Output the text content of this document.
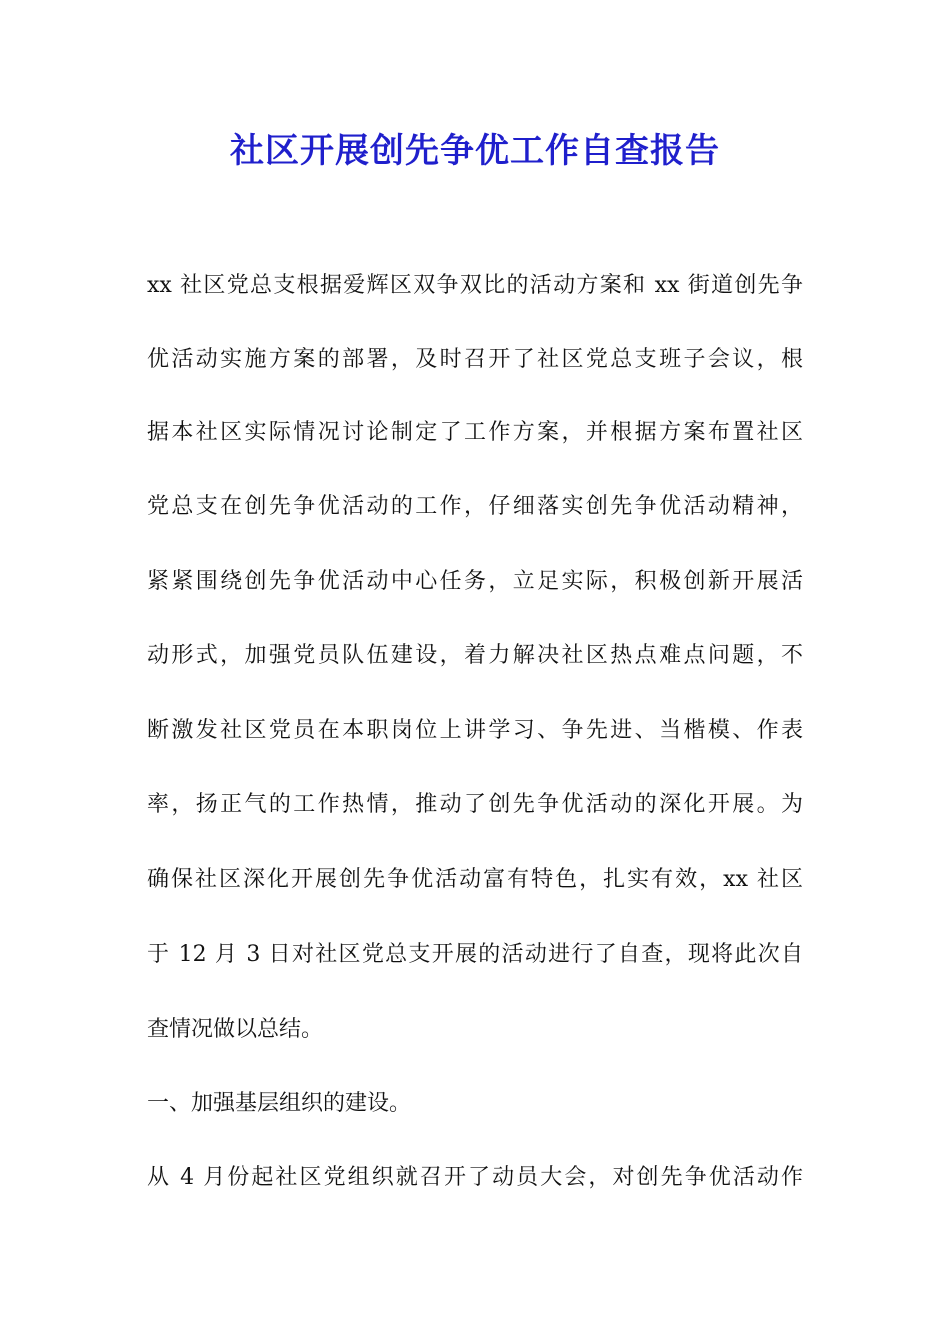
社区开展创先争优工作自查报告
xx 社区党总支根据爱辉区双争双比的活动方案和 xx 街道创先争
优活动实施方案的部署，及时召开了社区党总支班子会议，根
据本社区实际情况讨论制定了工作方案，并根据方案布置社区
党总支在创先争优活动的工作，仔细落实创先争优活动精神，
紧紧围绕创先争优活动中心任务，立足实际，积极创新开展活
动形式，加强党员队伍建设，着力解决社区热点难点问题，不
断激发社区党员在本职岗位上讲学习、争先进、当楷模、作表
率，扬正气的工作热情，推动了创先争优活动的深化开展。为
确保社区深化开展创先争优活动富有特色，扎实有效，xx 社区
于 12 月 3 日对社区党总支开展的活动进行了自查，现将此次自
查情况做以总结。
一、加强基层组织的建设。
从 4 月份起社区党组织就召开了动员大会，对创先争优活动作
